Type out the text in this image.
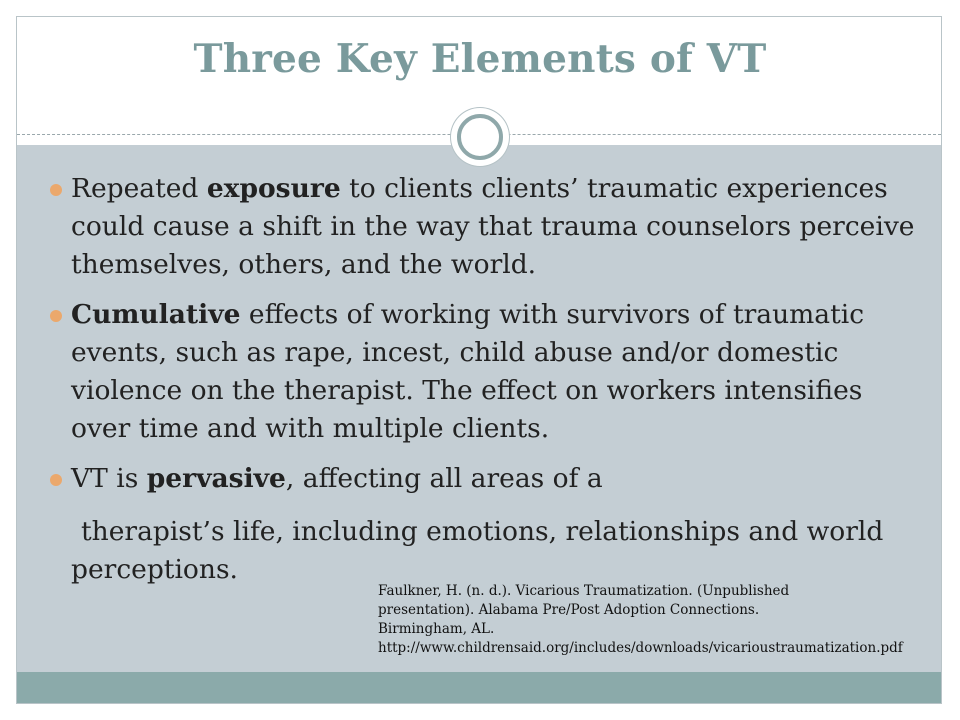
Three Key Elements of VT
Repeated exposure to clients clients’ traumatic experiences could cause a shift in the way that trauma counselors perceive themselves, others, and the world.
Cumulative effects of working with survivors of traumatic events, such as rape, incest, child abuse and/or domestic violence on the therapist. The effect on workers intensifies over time and with multiple clients.
VT is pervasive, affecting all areas of a

therapist’s life, including emotions, relationships and world perceptions.

Faulkner, H. (n. d.). Vicarious Traumatization. (Unpublished presentation). Alabama Pre/Post Adoption Connections. Birmingham, AL. http://www.childrensaid.org/includes/downloads/vicarioustraumatization.pdf
